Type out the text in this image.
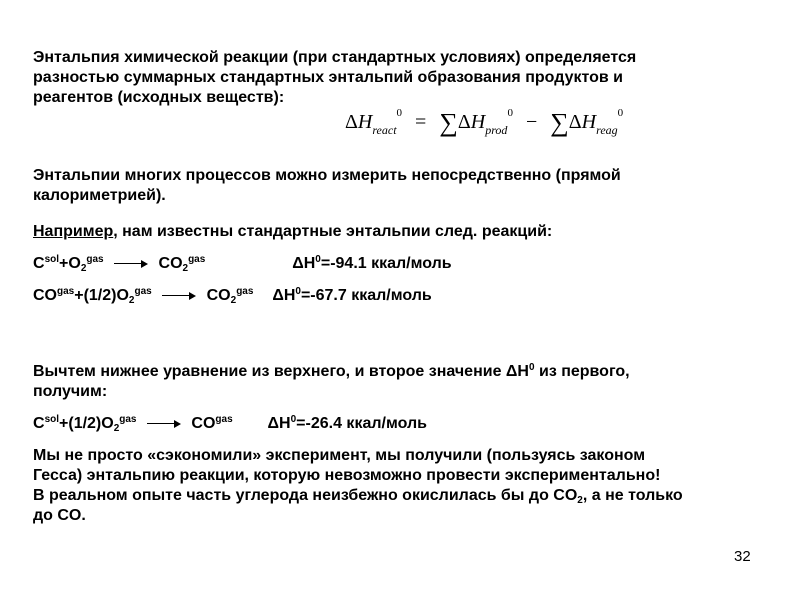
Энтальпия химической реакции (при стандартных условиях) определяется
разностью суммарных стандартных энтальпий образования продуктов и
реагентов (исходных веществ):
$\Delta H_{react}^0 = \sum\Delta H_{prod}^0 - \sum\Delta H_{reag}^0$
Энтальпии многих процессов можно измерить непосредственно (прямой
калориметрией).
Например, нам известны стандартные энтальпии след. реакций:
$C^{sol}+O_2^{gas}$	$CO_2^{gas}$	$\Delta H^0=-94.1$ ккал/моль
$CO^{gas}+(1/2)O_2^{gas}$	$CO_2^{gas}$ $\Delta H^0=-67.7$ ккал/моль
Вычтем нижнее уравнение из верхнего, и второе значение $\Delta H^0$ из первого,
получим:
$C^{sol}+(1/2)O_2^{gas}$	$CO^{gas}$ $\Delta H^0=-26.4$ ккал/моль
Мы не просто «сэкономили» эксперимент, мы получили (пользуясь законом
Гесса) энтальпию реакции, которую невозможно провести экспериментально!
В реальном опыте часть углерода неизбежно окислилась бы до $CO_2$, а не только
до CO.
32
